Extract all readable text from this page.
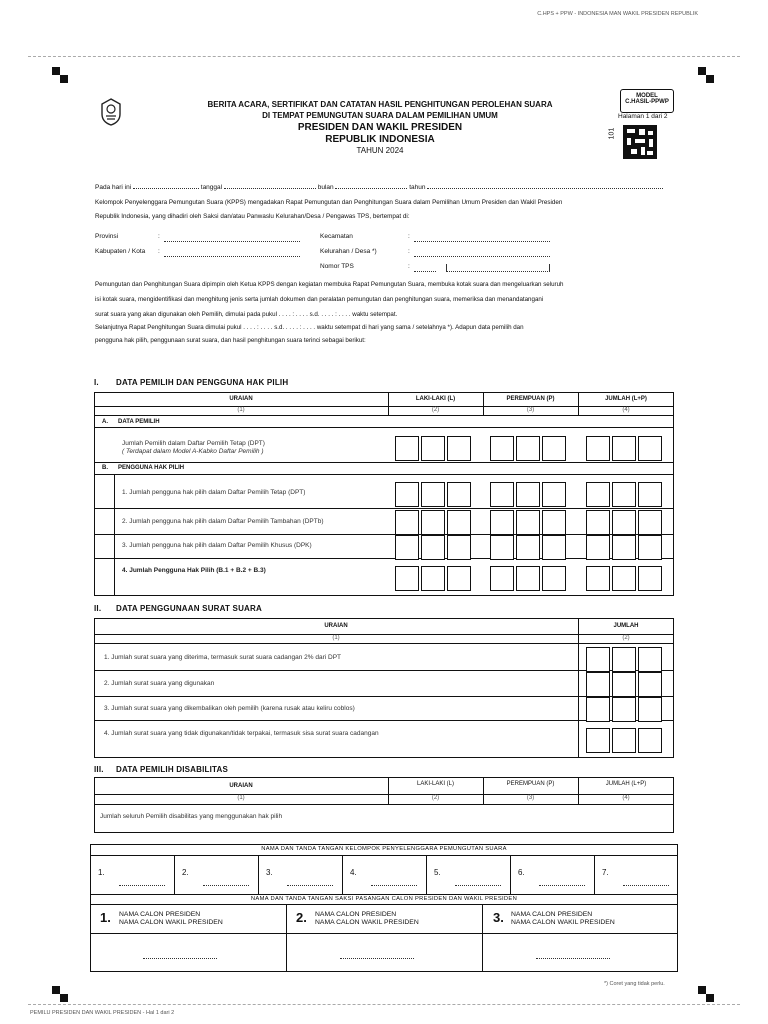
C.HPS + PPW - INDONESIA MAN WAKIL PRESIDEN REPUBLIK
BERITA ACARA, SERTIFIKAT DAN CATATAN HASIL PENGHITUNGAN PEROLEHAN SUARA
DI TEMPAT PEMUNGUTAN SUARA DALAM PEMILIHAN UMUM
PRESIDEN DAN WAKIL PRESIDEN
REPUBLIK INDONESIA
TAHUN 2024
MODEL
C.HASIL-PPWP
Halaman 1 dari 2
101
Pada hari ini	tanggal	bulan	tahun
Kelompok Penyelenggara Pemungutan Suara (KPPS) mengadakan Rapat Pemungutan dan Penghitungan Suara dalam Pemilihan Umum Presiden dan Wakil Presiden
Republik Indonesia, yang dihadiri oleh Saksi dan/atau Panwaslu Kelurahan/Desa / Pengawas TPS, bertempat di:
Provinsi	:
Kabupaten / Kota :
Kecamatan	:
Kelurahan / Desa *)	:
Nomor TPS	:
Pemungutan dan Penghitungan Suara dipimpin oleh Ketua KPPS dengan kegiatan membuka Rapat Pemungutan Suara, membuka kotak suara dan mengeluarkan seluruh
isi kotak suara, mengidentifikasi dan menghitung jenis serta jumlah dokumen dan peralatan pemungutan dan penghitungan suara, memeriksa dan menandatangani
surat suara yang akan digunakan oleh Pemilih, dimulai pada pukul . . . . : . . . . s.d. . . . . : . . . . waktu setempat.
Selanjutnya Rapat Penghitungan Suara dimulai pukul . . . . : . . . . s.d. . . . . : . . . . waktu setempat di hari yang sama / setelahnya *). Adapun data pemilih dan
pengguna hak pilih, penggunaan surat suara, dan hasil penghitungan suara terinci sebagai berikut:
I. DATA PEMILIH DAN PENGGUNA HAK PILIH
URAIAN	LAKI-LAKI (L)	PEREMPUAN (P)	JUMLAH (L+P)
(1)	(2)	(3)	(4)
A. DATA PEMILIH
Jumlah Pemilih dalam Daftar Pemilih Tetap (DPT)
( Terdapat dalam Model A-Kabko Daftar Pemilih )
B. PENGGUNA HAK PILIH
1. Jumlah pengguna hak pilih dalam Daftar Pemilih Tetap (DPT)
2. Jumlah pengguna hak pilih dalam Daftar Pemilih Tambahan (DPTb)
3. Jumlah pengguna hak pilih dalam Daftar Pemilih Khusus (DPK)
4. Jumlah Pengguna Hak Pilih (B.1 + B.2 + B.3)
II. DATA PENGGUNAAN SURAT SUARA
URAIAN	JUMLAH
(1)	(2)
1. Jumlah surat suara yang diterima, termasuk surat suara cadangan 2% dari DPT
2. Jumlah surat suara yang digunakan
3. Jumlah surat suara yang dikembalikan oleh pemilih (karena rusak atau keliru coblos)
4. Jumlah surat suara yang tidak digunakan/tidak terpakai, termasuk sisa surat suara cadangan
III. DATA PEMILIH DISABILITAS
URAIAN	LAKI-LAKI (L)	PEREMPUAN (P)	JUMLAH (L+P)
(1)	(2)	(3)	(4)
Jumlah seluruh Pemilih disabilitas yang menggunakan hak pilih
NAMA DAN TANDA TANGAN KELOMPOK PENYELENGGARA PEMUNGUTAN SUARA
NAMA DAN TANDA TANGAN SAKSI PASANGAN CALON PRESIDEN DAN WAKIL PRESIDEN
1.	2.	3.	4.	5.	6.	7.
1. NAMA CALON PRESIDEN
NAMA CALON WAKIL PRESIDEN	2. NAMA CALON PRESIDEN
NAMA CALON WAKIL PRESIDEN	3. NAMA CALON PRESIDEN
NAMA CALON WAKIL PRESIDEN
*) Coret yang tidak perlu.
PEMILU PRESIDEN DAN WAKIL PRESIDEN - Hal 1 dari 2
